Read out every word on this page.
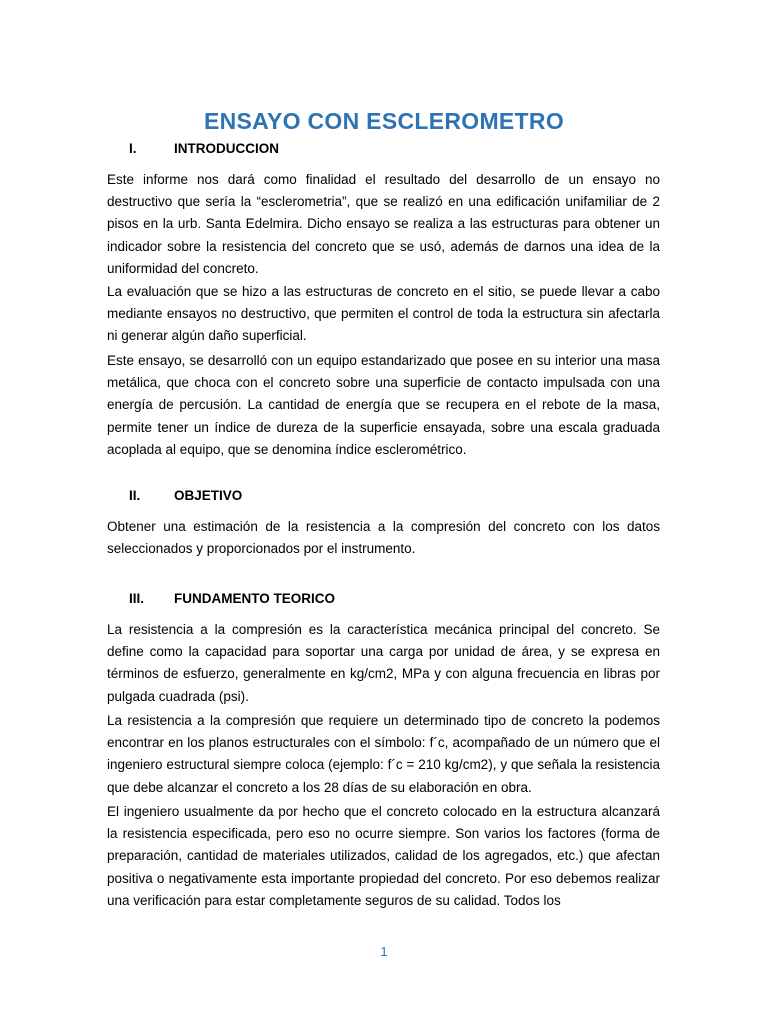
ENSAYO CON ESCLEROMETRO
I.	INTRODUCCION

Este informe nos dará como finalidad el resultado del desarrollo de un ensayo no destructivo que sería la “esclerometria”, que se realizó en una edificación unifamiliar de 2 pisos en la urb. Santa Edelmira. Dicho ensayo se realiza a las estructuras para obtener un indicador sobre la resistencia del concreto que se usó, además de darnos una idea de la uniformidad del concreto.

La evaluación que se hizo a las estructuras de concreto en el sitio, se puede llevar a cabo mediante ensayos no destructivo, que permiten el control de toda la estructura sin afectarla ni generar algún daño superficial.

Este ensayo, se desarrolló con un equipo estandarizado que posee en su interior una masa metálica, que choca con el concreto sobre una superficie de contacto impulsada con una energía de percusión. La cantidad de energía que se recupera en el rebote de la masa, permite tener un índice de dureza de la superficie ensayada, sobre una escala graduada acoplada al equipo, que se denomina índice esclerométrico.

II. OBJETIVO

Obtener una estimación de la resistencia a la compresión del concreto con los datos seleccionados y proporcionados por el instrumento.

III. FUNDAMENTO TEORICO

La resistencia a la compresión es la característica mecánica principal del concreto. Se define como la capacidad para soportar una carga por unidad de área, y se expresa en términos de esfuerzo, generalmente en kg/cm2, MPa y con alguna frecuencia en libras por pulgada cuadrada (psi).

La resistencia a la compresión que requiere un determinado tipo de concreto la podemos encontrar en los planos estructurales con el símbolo: f´c, acompañado de un número que el ingeniero estructural siempre coloca (ejemplo: f´c = 210 kg/cm2), y que señala la resistencia que debe alcanzar el concreto a los 28 días de su elaboración en obra.

El ingeniero usualmente da por hecho que el concreto colocado en la estructura alcanzará la resistencia especificada, pero eso no ocurre siempre. Son varios los factores (forma de preparación, cantidad de materiales utilizados, calidad de los agregados, etc.) que afectan positiva o negativamente esta importante propiedad del concreto. Por eso debemos realizar una verificación para estar completamente seguros de su calidad. Todos los

1
